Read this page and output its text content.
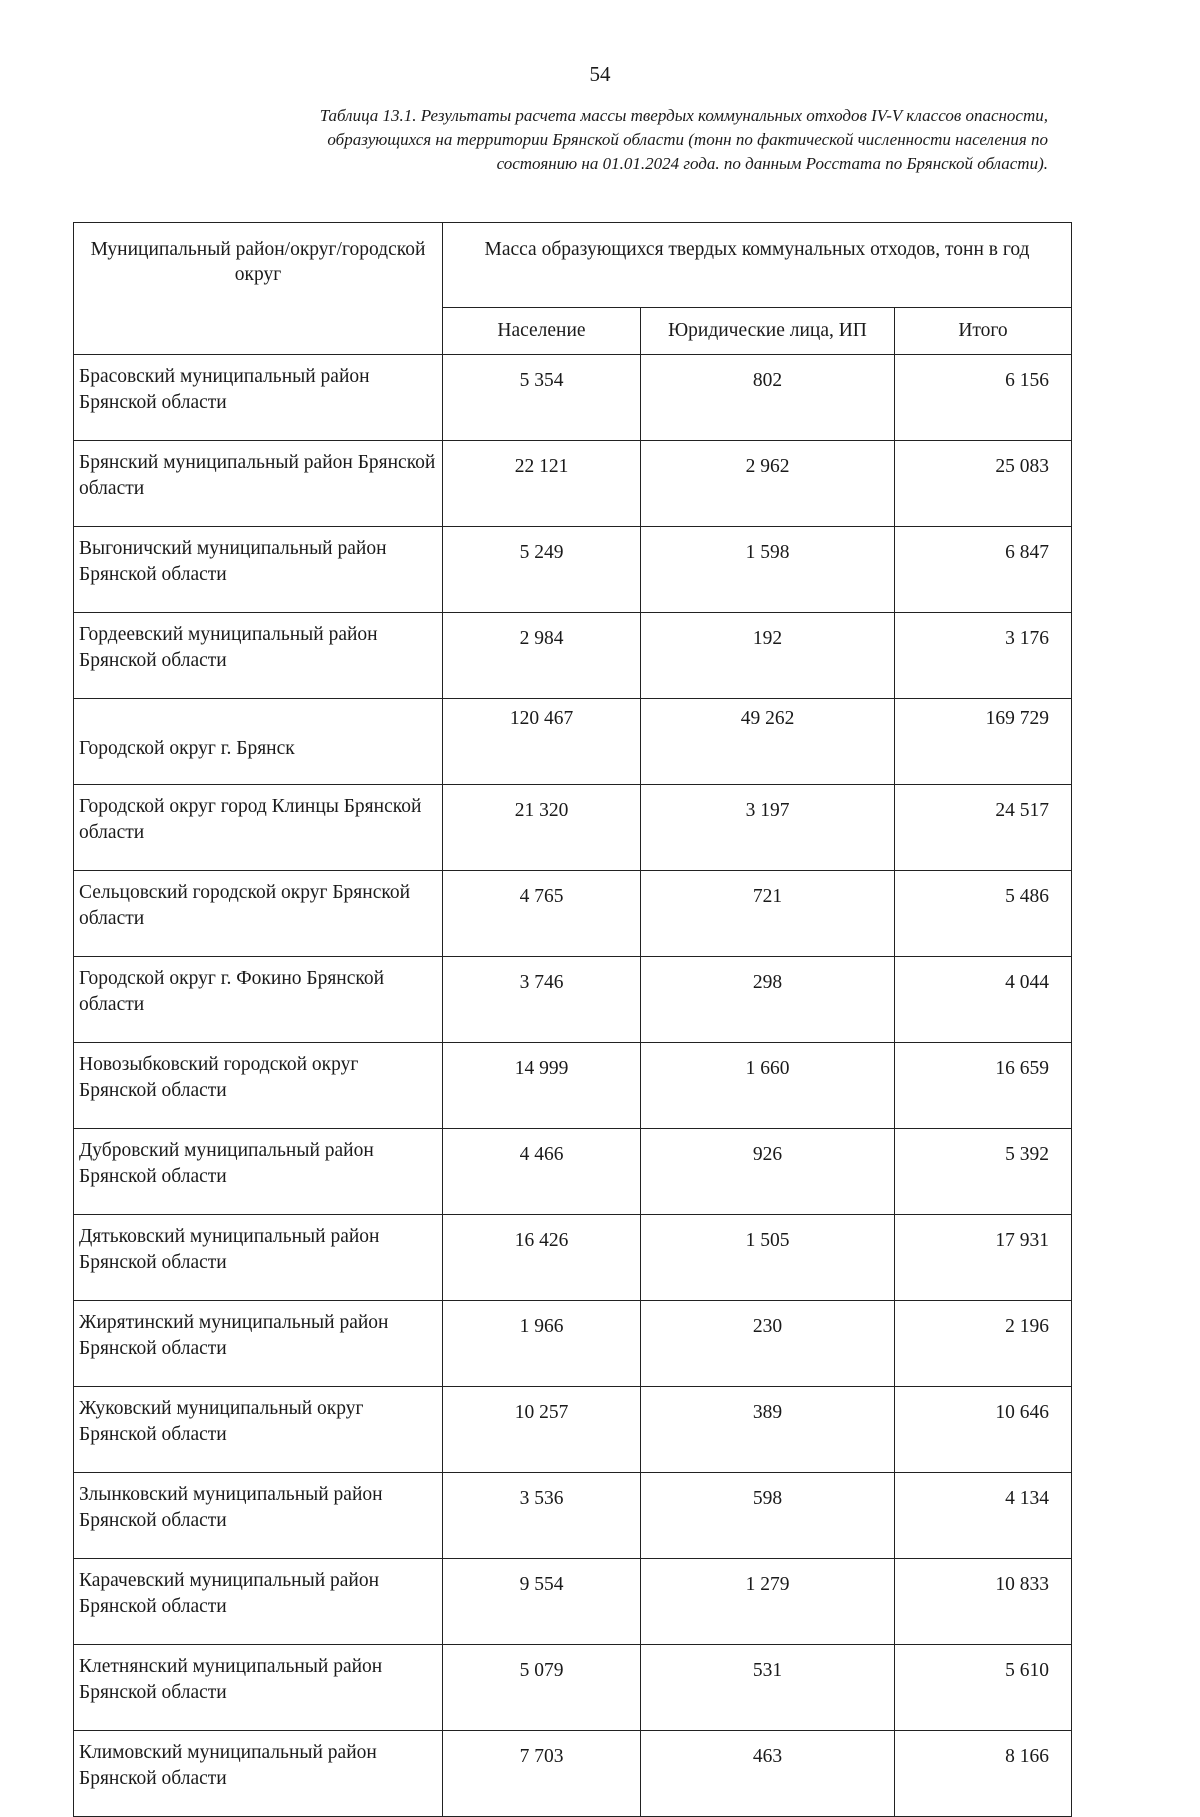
54
Таблица 13.1. Результаты расчета массы твердых коммунальных отходов IV-V классов опасности,
образующихся на территории Брянской области (тонн по фактической численности населения по
состоянию на 01.01.2024 года. по данным Росстата по Брянской области).
Муниципальный район/округ/городской округ	Масса образующихся твердых коммунальных отходов, тонн в год		
	Население	Юридические лица, ИП	Итого
Брасовский муниципальный район Брянской области	5 354	802	6 156
Брянский муниципальный район Брянской области	22 121	2 962	25 083
Выгоничский муниципальный район Брянской области	5 249	1 598	6 847
Гордеевский муниципальный район Брянской области	2 984	192	3 176
Городской округ г. Брянск	120 467	49 262	169 729
Городской округ город Клинцы Брянской области	21 320	3 197	24 517
Сельцовский городской округ Брянской области	4 765	721	5 486
Городской округ г. Фокино Брянской области	3 746	298	4 044
Новозыбковский городской округ Брянской области	14 999	1 660	16 659
Дубровский муниципальный район Брянской области	4 466	926	5 392
Дятьковский муниципальный район Брянской области	16 426	1 505	17 931
Жирятинский муниципальный район Брянской области	1 966	230	2 196
Жуковский муниципальный округ Брянской области	10 257	389	10 646
Злынковский муниципальный район Брянской области	3 536	598	4 134
Карачевский муниципальный район Брянской области	9 554	1 279	10 833
Клетнянский муниципальный район Брянской области	5 079	531	5 610
Климовский муниципальный район Брянской области	7 703	463	8 166
